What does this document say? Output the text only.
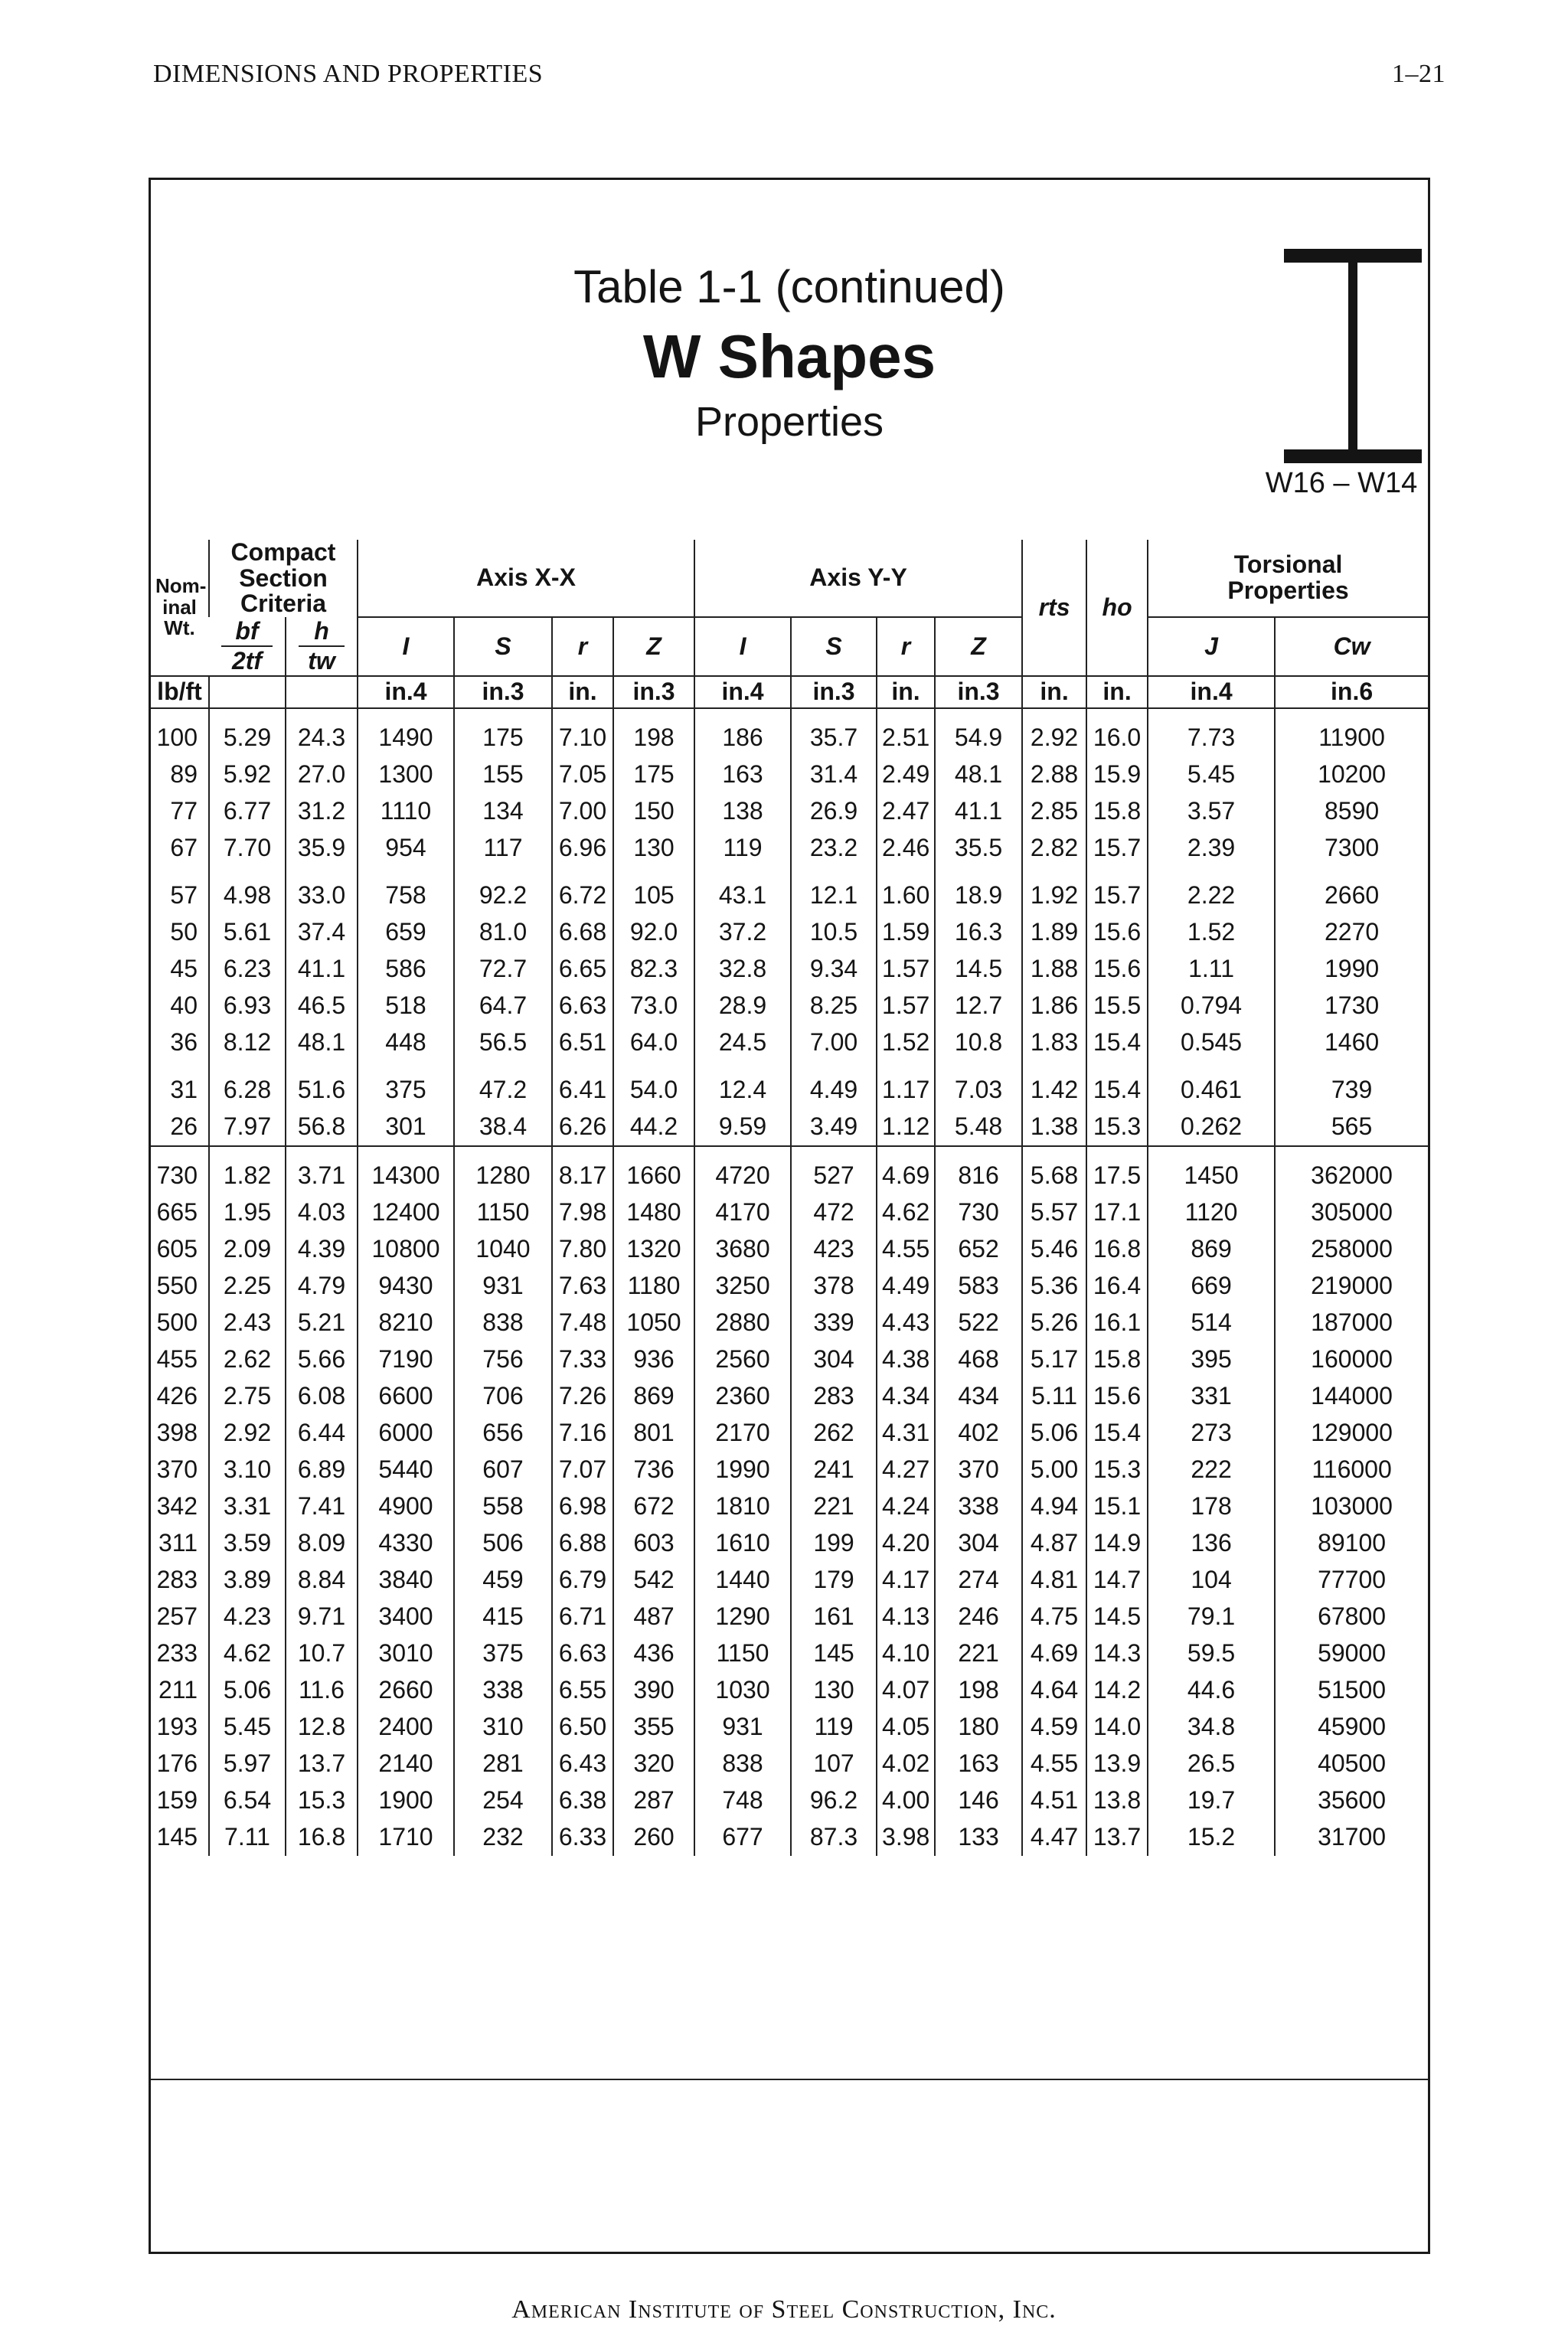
DIMENSIONS AND PROPERTIES	1–21
Table 1-1 (continued)
W Shapes
Properties
W16 – W14
Nom-
inal
Wt.	Compact
Section
Criteria		Axis X-X				Axis Y-Y				rts	ho	Torsional
Properties	

	bf
2tf	h
tw	I	S	r	Z	I	S	r	Z			J	Cw
lb/ft			in.4	in.3	in.	in.3	in.4	in.3	in.	in.3	in.	in.	in.4	in.6
100	5.29	24.3	1490	175	7.10	198	186	35.7	2.51	54.9	2.92	16.0	7.73	11900
89	5.92	27.0	1300	155	7.05	175	163	31.4	2.49	48.1	2.88	15.9	5.45	10200
77	6.77	31.2	1110	134	7.00	150	138	26.9	2.47	41.1	2.85	15.8	3.57	8590
67	7.70	35.9	954	117	6.96	130	119	23.2	2.46	35.5	2.82	15.7	2.39	7300
57	4.98	33.0	758	92.2	6.72	105	43.1	12.1	1.60	18.9	1.92	15.7	2.22	2660
50	5.61	37.4	659	81.0	6.68	92.0	37.2	10.5	1.59	16.3	1.89	15.6	1.52	2270
45	6.23	41.1	586	72.7	6.65	82.3	32.8	9.34	1.57	14.5	1.88	15.6	1.11	1990
40	6.93	46.5	518	64.7	6.63	73.0	28.9	8.25	1.57	12.7	1.86	15.5	0.794	1730
36	8.12	48.1	448	56.5	6.51	64.0	24.5	7.00	1.52	10.8	1.83	15.4	0.545	1460
31	6.28	51.6	375	47.2	6.41	54.0	12.4	4.49	1.17	7.03	1.42	15.4	0.461	739
26	7.97	56.8	301	38.4	6.26	44.2	9.59	3.49	1.12	5.48	1.38	15.3	0.262	565
730	1.82	3.71	14300	1280	8.17	1660	4720	527	4.69	816	5.68	17.5	1450	362000
665	1.95	4.03	12400	1150	7.98	1480	4170	472	4.62	730	5.57	17.1	1120	305000
605	2.09	4.39	10800	1040	7.80	1320	3680	423	4.55	652	5.46	16.8	869	258000
550	2.25	4.79	9430	931	7.63	1180	3250	378	4.49	583	5.36	16.4	669	219000
500	2.43	5.21	8210	838	7.48	1050	2880	339	4.43	522	5.26	16.1	514	187000
455	2.62	5.66	7190	756	7.33	936	2560	304	4.38	468	5.17	15.8	395	160000
426	2.75	6.08	6600	706	7.26	869	2360	283	4.34	434	5.11	15.6	331	144000
398	2.92	6.44	6000	656	7.16	801	2170	262	4.31	402	5.06	15.4	273	129000
370	3.10	6.89	5440	607	7.07	736	1990	241	4.27	370	5.00	15.3	222	116000
342	3.31	7.41	4900	558	6.98	672	1810	221	4.24	338	4.94	15.1	178	103000
311	3.59	8.09	4330	506	6.88	603	1610	199	4.20	304	4.87	14.9	136	89100
283	3.89	8.84	3840	459	6.79	542	1440	179	4.17	274	4.81	14.7	104	77700
257	4.23	9.71	3400	415	6.71	487	1290	161	4.13	246	4.75	14.5	79.1	67800
233	4.62	10.7	3010	375	6.63	436	1150	145	4.10	221	4.69	14.3	59.5	59000
211	5.06	11.6	2660	338	6.55	390	1030	130	4.07	198	4.64	14.2	44.6	51500
193	5.45	12.8	2400	310	6.50	355	931	119	4.05	180	4.59	14.0	34.8	45900
176	5.97	13.7	2140	281	6.43	320	838	107	4.02	163	4.55	13.9	26.5	40500
159	6.54	15.3	1900	254	6.38	287	748	96.2	4.00	146	4.51	13.8	19.7	35600
145	7.11	16.8	1710	232	6.33	260	677	87.3	3.98	133	4.47	13.7	15.2	31700
American Institute of Steel Construction, Inc.
